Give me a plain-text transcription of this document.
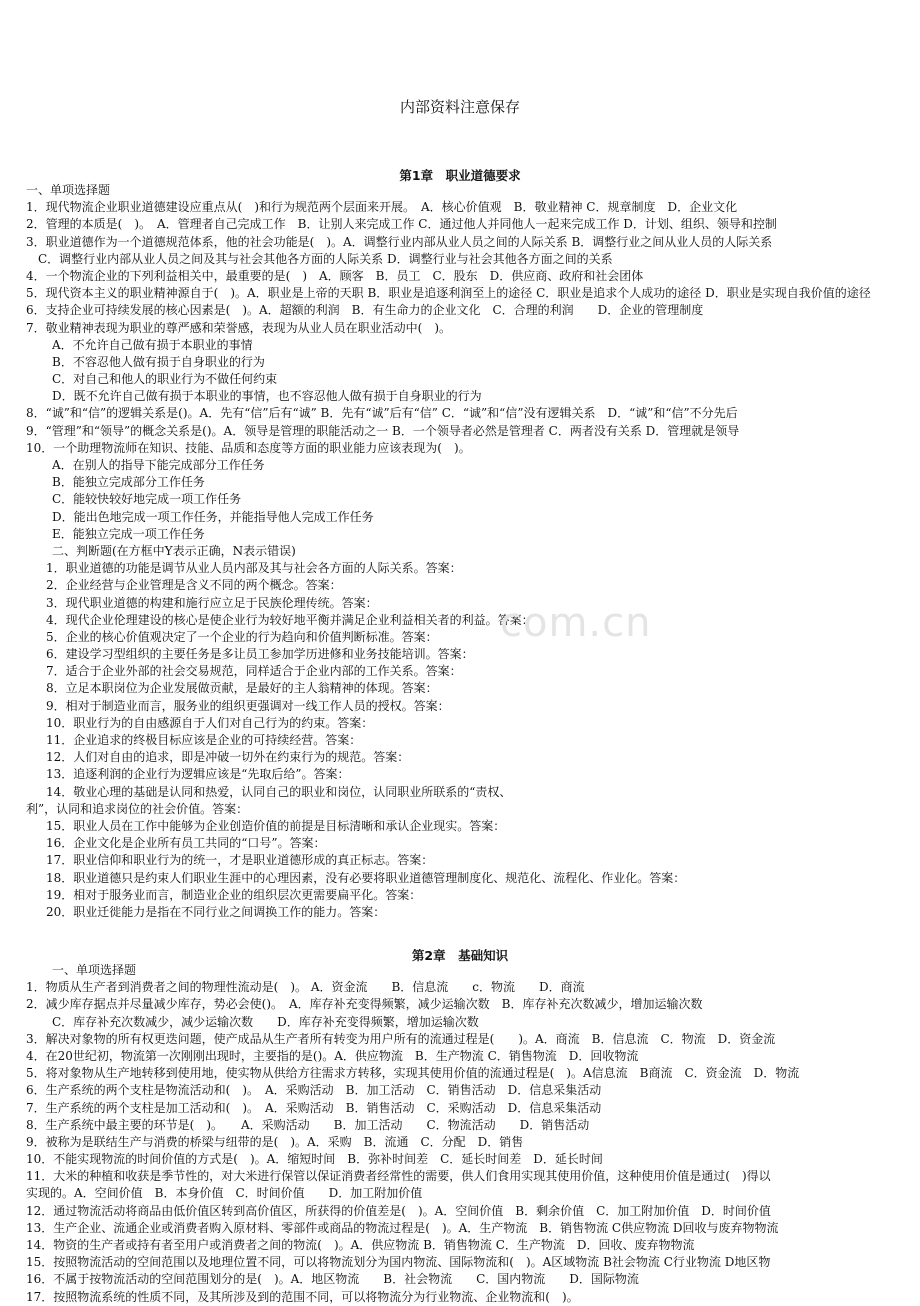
内部资料注意保存
第1章　职业道德要求
一、单项选择题
1．现代物流企业职业道德建设应重点从(　)和行为规范两个层面来开展。　A．核心价值观　B．敬业精神 C．规章制度　D．企业文化
2．管理的本质是(　)。　A．管理者自己完成工作　B．让别人来完成工作 C．通过他人并同他人一起来完成工作 D．计划、组织、领导和控制
3．职业道德作为一个道德规范体系，他的社会功能是(　)。A．调整行业内部从业人员之间的人际关系 B．调整行业之间从业人员的人际关系
　C．调整行业内部从业人员之间及其与社会其他各方面的人际关系 D．调整行业与社会其他各方面之间的关系
4．一个物流企业的下列利益相关中，最重要的是(　)　A．顾客　B．员工　C．股东　D．供应商、政府和社会团体
5．现代资本主义的职业精神源自于(　)。A．职业是上帝的天职 B．职业是追逐利润至上的途径 C．职业是追求个人成功的途径 D．职业是实现自我价值的途径
6．支持企业可持续发展的核心因素是(　)。A．超额的利润　B．有生命力的企业文化　C．合理的利润　　D．企业的管理制度
7．敬业精神表现为职业的尊严感和荣誉感，表现为从业人员在职业活动中(　)。
A．不允许自己做有损于本职业的事情
B．不容忍他人做有损于自身职业的行为
C．对自己和他人的职业行为不做任何约束
D．既不允许自己做有损于本职业的事情，也不容忍他人做有损于自身职业的行为
8．“诚”和“信”的逻辑关系是()。A．先有“信”后有“诚” B．先有“诚”后有“信” C．“诚”和“信”没有逻辑关系　D．“诚”和“信”不分先后
9．“管理”和“领导”的概念关系是()。A．领导是管理的职能活动之一 B．一个领导者必然是管理者 C．两者没有关系 D．管理就是领导
10．一个助理物流师在知识、技能、品质和态度等方面的职业能力应该表现为(　)。
A．在别人的指导下能完成部分工作任务
B．能独立完成部分工作任务
C．能较快较好地完成一项工作任务
D．能出色地完成一项工作任务，并能指导他人完成工作任务
E．能独立完成一项工作任务
二、判断题(在方框中Y表示正确，N表示错误)
1．职业道德的功能是调节从业人员内部及其与社会各方面的人际关系。答案：
2．企业经营与企业管理是含义不同的两个概念。答案：
3．现代职业道德的构建和施行应立足于民族伦理传统。答案：
4．现代企业伦理建设的核心是使企业行为较好地平衡并满足企业利益相关者的利益。答案：
5．企业的核心价值观决定了一个企业的行为趋向和价值判断标准。答案：
6．建设学习型组织的主要任务是多让员工参加学历进修和业务技能培训。答案：
7．适合于企业外部的社会交易规范，同样适合于企业内部的工作关系。答案：
8．立足本职岗位为企业发展做贡献，是最好的主人翁精神的体现。答案：
9．相对于制造业而言，服务业的组织更强调对一线工作人员的授权。答案：
10．职业行为的自由感源自于人们对自己行为的约束。答案：
11．企业追求的终极目标应该是企业的可持续经营。答案：
12．人们对自由的追求，即是冲破一切外在约束行为的规范。答案：
13．追逐利润的企业行为逻辑应该是“先取后给”。答案：
14．敬业心理的基础是认同和热爱，认同自己的职业和岗位，认同职业所联系的“责权、
利”，认同和追求岗位的社会价值。答案：
15．职业人员在工作中能够为企业创造价值的前提是目标清晰和承认企业现实。答案：
16．企业文化是企业所有员工共同的“口号”。答案：
17．职业信仰和职业行为的统一，才是职业道德形成的真正标志。答案：
18．职业道德只是约束人们职业生涯中的心理因素，没有必要将职业道德管理制度化、规范化、流程化、作业化。答案：
19．相对于服务业而言，制造业企业的组织层次更需要扁平化。答案：
20．职业迁徙能力是指在不同行业之间调换工作的能力。答案：
第2章　基础知识
一、单项选择题
1．物质从生产者到消费者之间的物理性流动是(　)。 A．资金流　　B．信息流　　c．物流　　D．商流
2．减少库存据点并尽量减少库存，势必会使()。　A．库存补充变得频繁，减少运输次数　B．库存补充次数减少，增加运输次数
C．库存补充次数减少，减少运输次数　　D．库存补充变得频繁，增加运输次数
3．解决对象物的所有权更迭问题，使产成品从生产者所有转变为用户所有的流通过程是(　　)。A．商流　B．信息流　C．物流　D．资金流
4．在20世纪初，物流第一次刚刚出现时，主要指的是()。A．供应物流　B．生产物流 C．销售物流　D．回收物流
5．将对象物从生产地转移到使用地，使实物从供给方往需求方转移，实现其使用价值的流通过程是(　)。A信息流　B商流　C．资金流　D．物流
6．生产系统的两个支柱是物流活动和(　)。　A．采购活动　B．加工活动　C．销售活动　D．信息采集活动
7．生产系统的两个支柱是加工活动和(　)。　A．采购活动　B．销售活动　C．采购活动　D．信息采集活动
8．生产系统中最主要的环节是(　)。　　A．采购活动　　B．加工活动　　C．物流活动　　D．销售活动
9．被称为是联结生产与消费的桥梁与纽带的是(　)。A．采购　B．流通　C．分配　D．销售
10．不能实现物流的时间价值的方式是(　)。A．缩短时间　B．弥补时间差　C．延长时间差　D．延长时间
11．大米的种植和收获是季节性的，对大米进行保管以保证消费者经常性的需要，供人们食用实现其使用价值，这种使用价值是通过(　)得以
实现的。A．空间价值　B．本身价值　C．时间价值　　D．加工附加价值
12．通过物流活动将商品由低价值区转到高价值区，所获得的价值差是(　)。A．空间价值　B．剩余价值　C．加工附加价值　D．时间价值
13．生产企业、流通企业或消费者购入原材料、零部件或商品的物流过程是(　)。A．生产物流　B．销售物流 C供应物流 D回收与废弃物物流
14．物资的生产者或持有者至用户或消费者之间的物流(　)。A．供应物流 B．销售物流 C．生产物流　D．回收、废弃物物流
15．按照物流活动的空间范围以及地理位置不同，可以将物流划分为国内物流、国际物流和(　)。A区域物流 B社会物流 C行业物流 D地区物
16．不属于按物流活动的空间范围划分的是(　)。A．地区物流　　B．社会物流　　C．国内物流　　D．国际物流
17．按照物流系统的性质不同，及其所涉及到的范围不同，可以将物流分为行业物流、企业物流和(　)。
com.cn
